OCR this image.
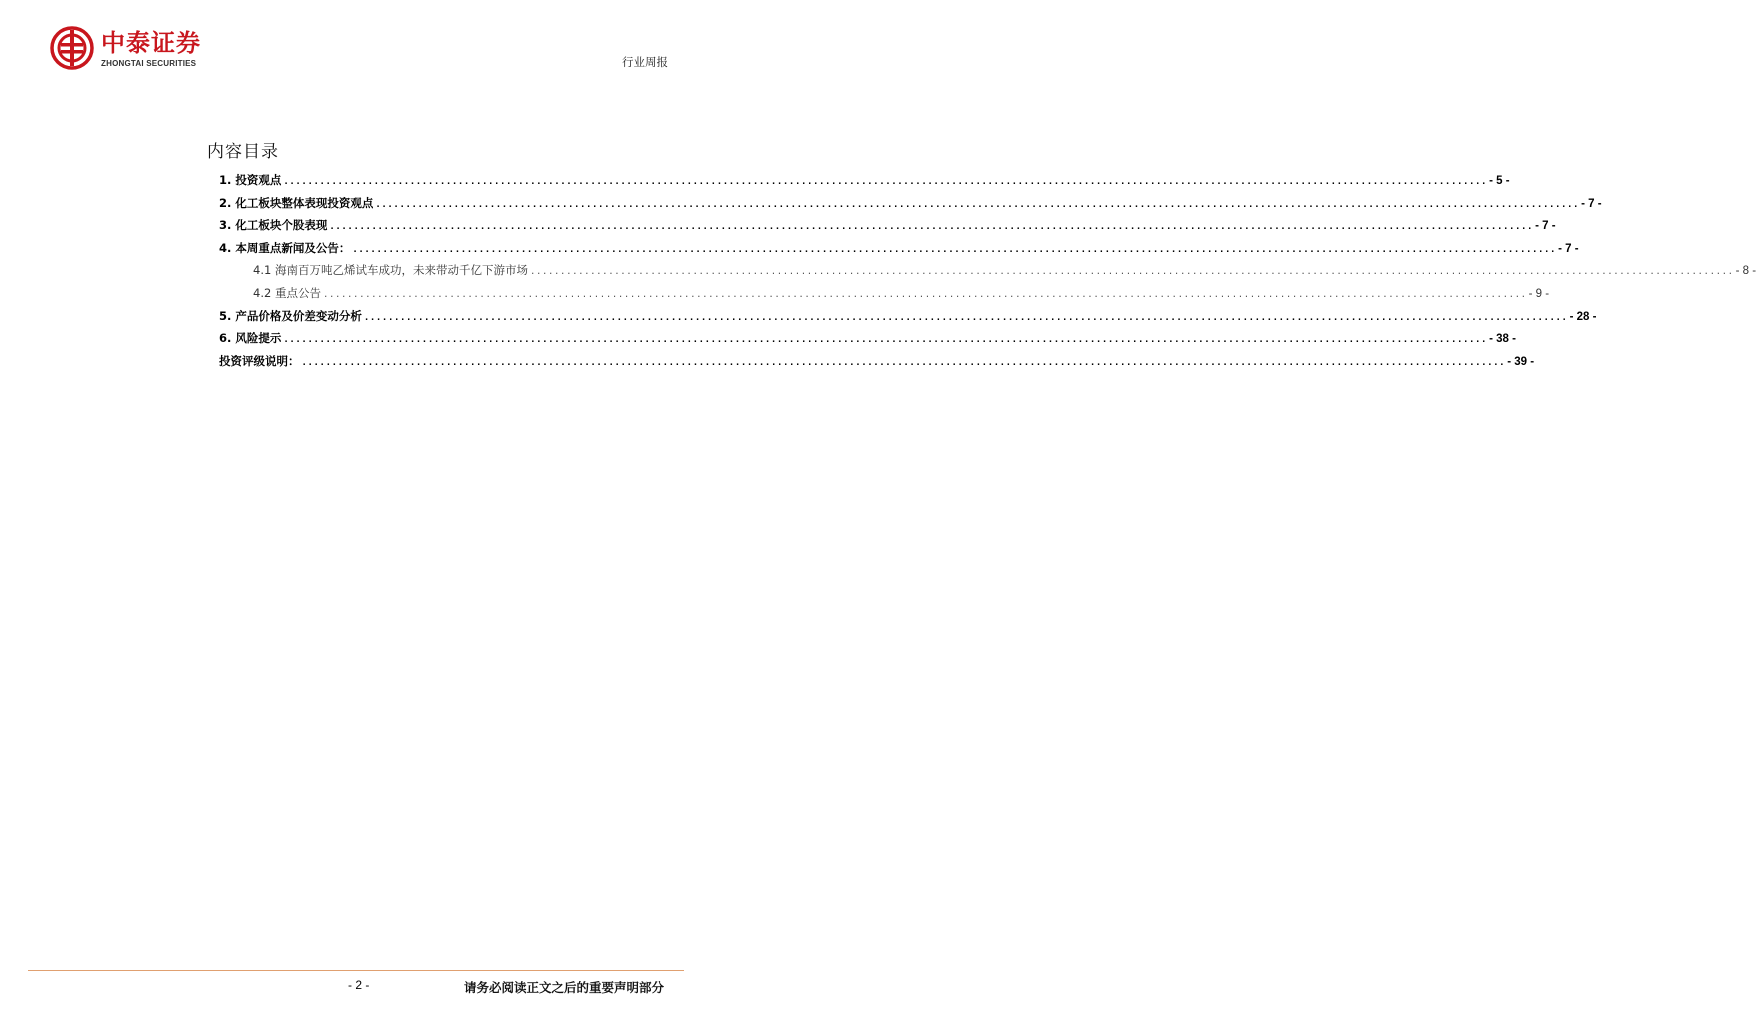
中泰证券
ZHONGTAI SECURITIES	行业周报
内容目录
1. 投资观点 ........................................................................................................................................................................................................ - 5 -
2. 化工板块整体表现投资观点 ........................................................................................................................................................................................................ - 7 -
3. 化工板块个股表现 ........................................................................................................................................................................................................ - 7 -
4. 本周重点新闻及公告： ........................................................................................................................................................................................................ - 7 -
4.1 海南百万吨乙烯试车成功，未来带动千亿下游市场 ........................................................................................................................................................................................................ - 8 -
4.2 重点公告 ........................................................................................................................................................................................................ - 9 -
5. 产品价格及价差变动分析 ........................................................................................................................................................................................................ - 28 -
6. 风险提示 ........................................................................................................................................................................................................ - 38 -
投资评级说明： ........................................................................................................................................................................................................ - 39 -
- 2 -	请务必阅读正文之后的重要声明部分
